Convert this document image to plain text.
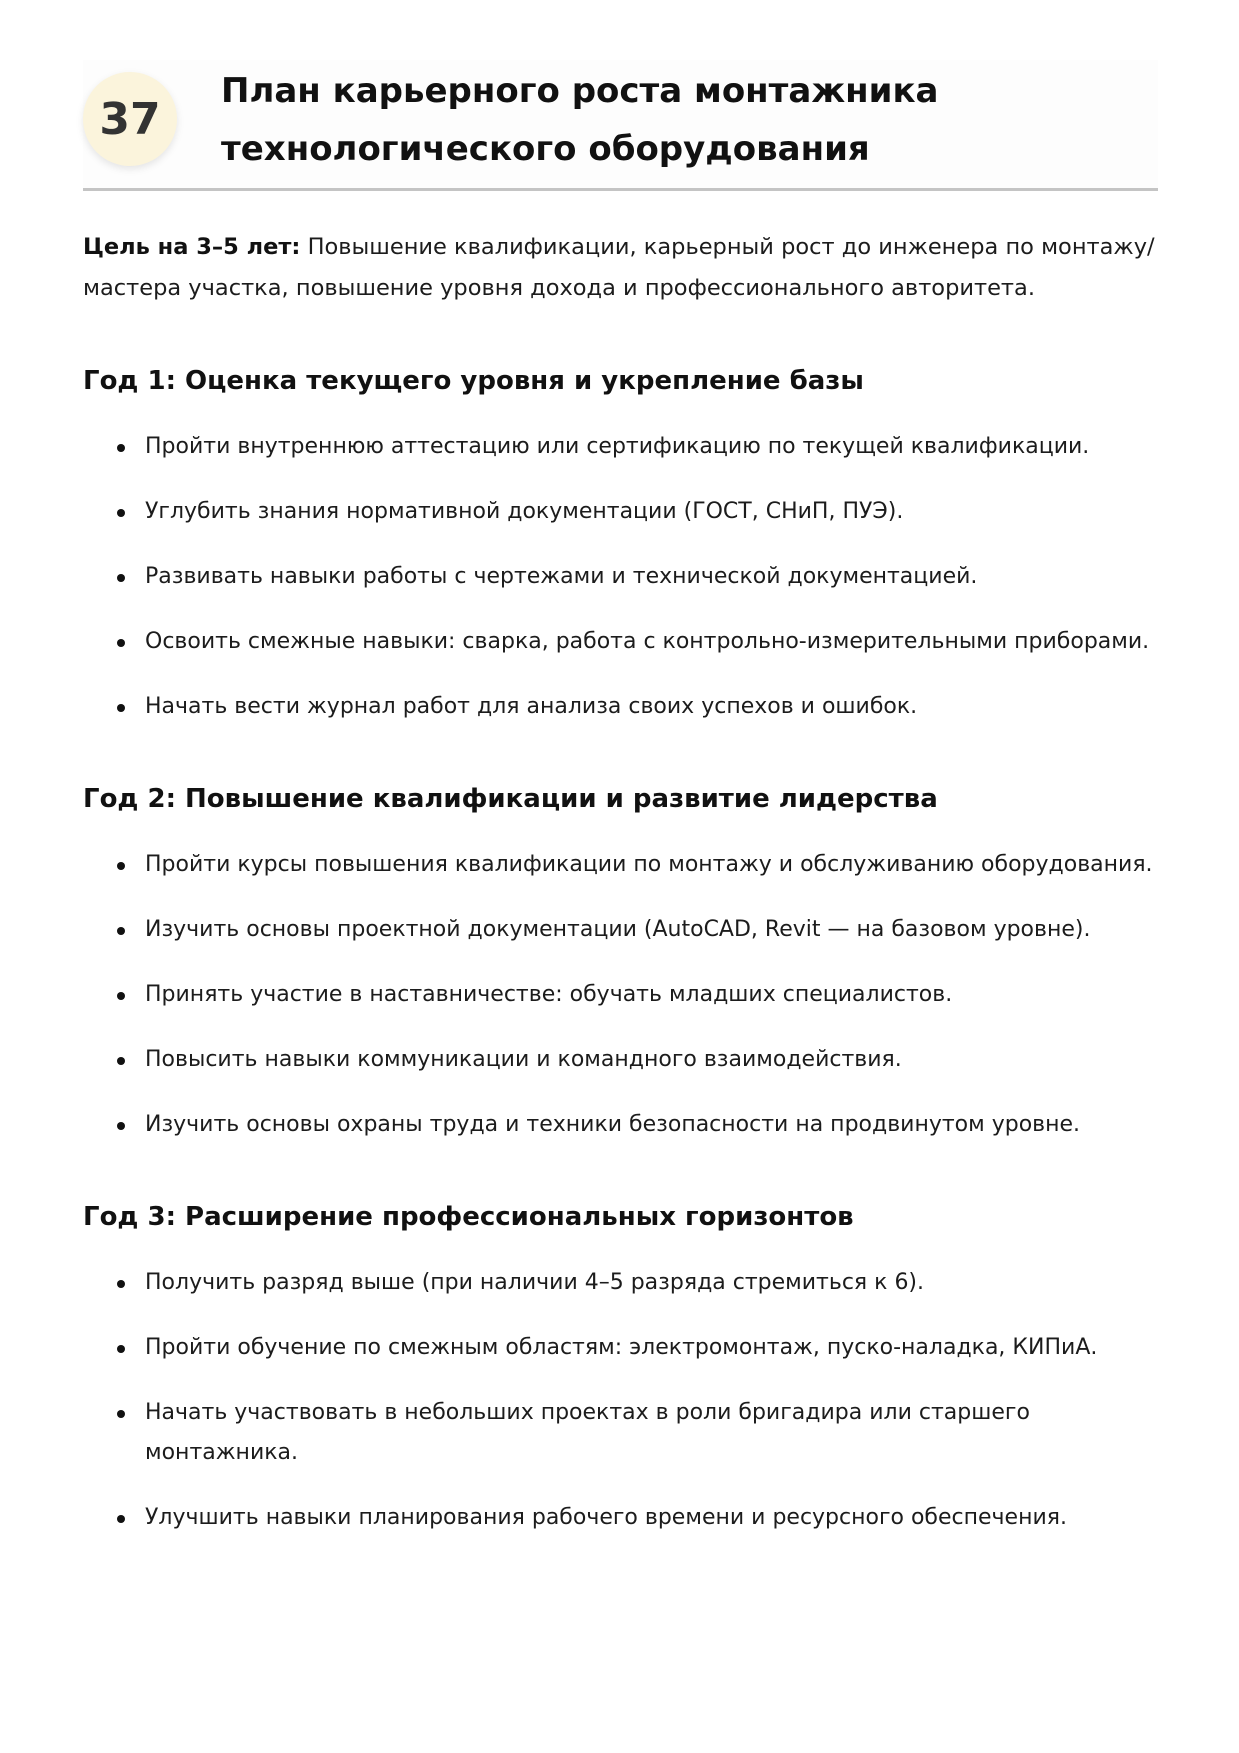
37
План карьерного роста монтажника технологического оборудования

Цель на 3–5 лет: Повышение квалификации, карьерный рост до инженера по монтажу/ мастера участка, повышение уровня дохода и профессионального авторитета.

Год 1: Оценка текущего уровня и укрепление базы
Пройти внутреннюю аттестацию или сертификацию по текущей квалификации.
Углубить знания нормативной документации (ГОСТ, СНиП, ПУЭ).
Развивать навыки работы с чертежами и технической документацией.
Освоить смежные навыки: сварка, работа с контрольно-измерительными приборами.
Начать вести журнал работ для анализа своих успехов и ошибок.
Год 2: Повышение квалификации и развитие лидерства
Пройти курсы повышения квалификации по монтажу и обслуживанию оборудования.
Изучить основы проектной документации (AutoCAD, Revit — на базовом уровне).
Принять участие в наставничестве: обучать младших специалистов.
Повысить навыки коммуникации и командного взаимодействия.
Изучить основы охраны труда и техники безопасности на продвинутом уровне.
Год 3: Расширение профессиональных горизонтов
Получить разряд выше (при наличии 4–5 разряда стремиться к 6).
Пройти обучение по смежным областям: электромонтаж, пуско-наладка, КИПиА.
Начать участвовать в небольших проектах в роли бригадира или старшего монтажника.
Улучшить навыки планирования рабочего времени и ресурсного обеспечения.
